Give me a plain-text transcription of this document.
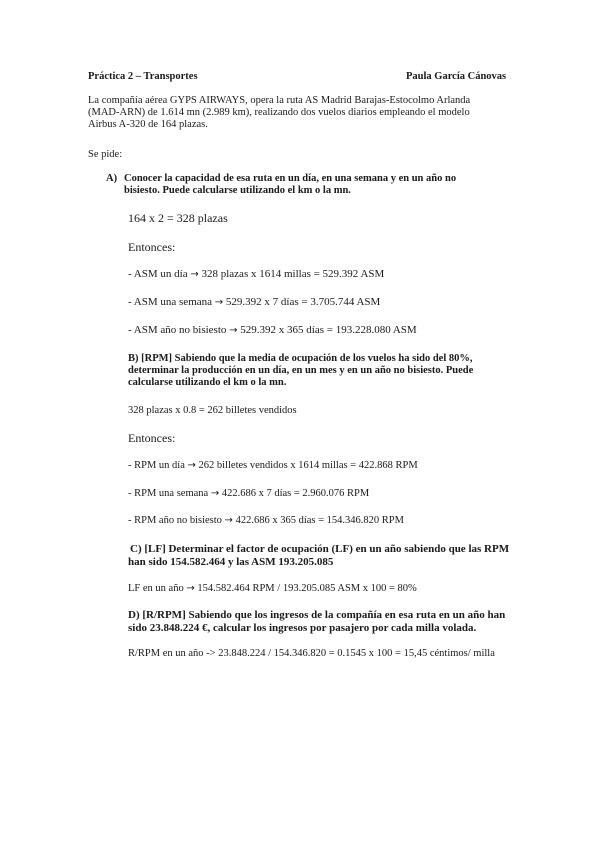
Práctica 2 – Transportes	Paula García Cánovas
La compañía aérea GYPS AIRWAYS, opera la ruta AS Madrid Barajas-Estocolmo Arlanda
(MAD-ARN) de 1.614 mn (2.989 km), realizando dos vuelos diarios empleando el modelo
Airbus A-320 de 164 plazas.
Se pide:
A) Conocer la capacidad de esa ruta en un día, en una semana y en un año no
bisiesto. Puede calcularse utilizando el km o la mn.
164 x 2 = 328 plazas
Entonces:
- ASM un día → 328 plazas x 1614 millas = 529.392 ASM
- ASM una semana → 529.392 x 7 días = 3.705.744 ASM
- ASM año no bisiesto → 529.392 x 365 días = 193.228.080 ASM
B) [RPM] Sabiendo que la media de ocupación de los vuelos ha sido del 80%,
determinar la producción en un día, en un mes y en un año no bisiesto. Puede
calcularse utilizando el km o la mn.
328 plazas x 0.8 = 262 billetes vendidos
Entonces:
- RPM un día → 262 billetes vendidos x 1614 millas = 422.868 RPM
- RPM una semana → 422.686 x 7 días = 2.960.076 RPM
- RPM año no bisiesto → 422.686 x 365 días = 154.346.820 RPM
C) [LF] Determinar el factor de ocupación (LF) en un año sabiendo que las RPM
han sido 154.582.464 y las ASM 193.205.085
LF en un año → 154.582.464 RPM / 193.205.085 ASM x 100 = 80%
D) [R/RPM] Sabiendo que los ingresos de la compañía en esa ruta en un año han
sido 23.848.224 €, calcular los ingresos por pasajero por cada milla volada.
R/RPM en un año -> 23.848.224 / 154.346.820 = 0.1545 x 100 = 15,45 céntimos/ milla
